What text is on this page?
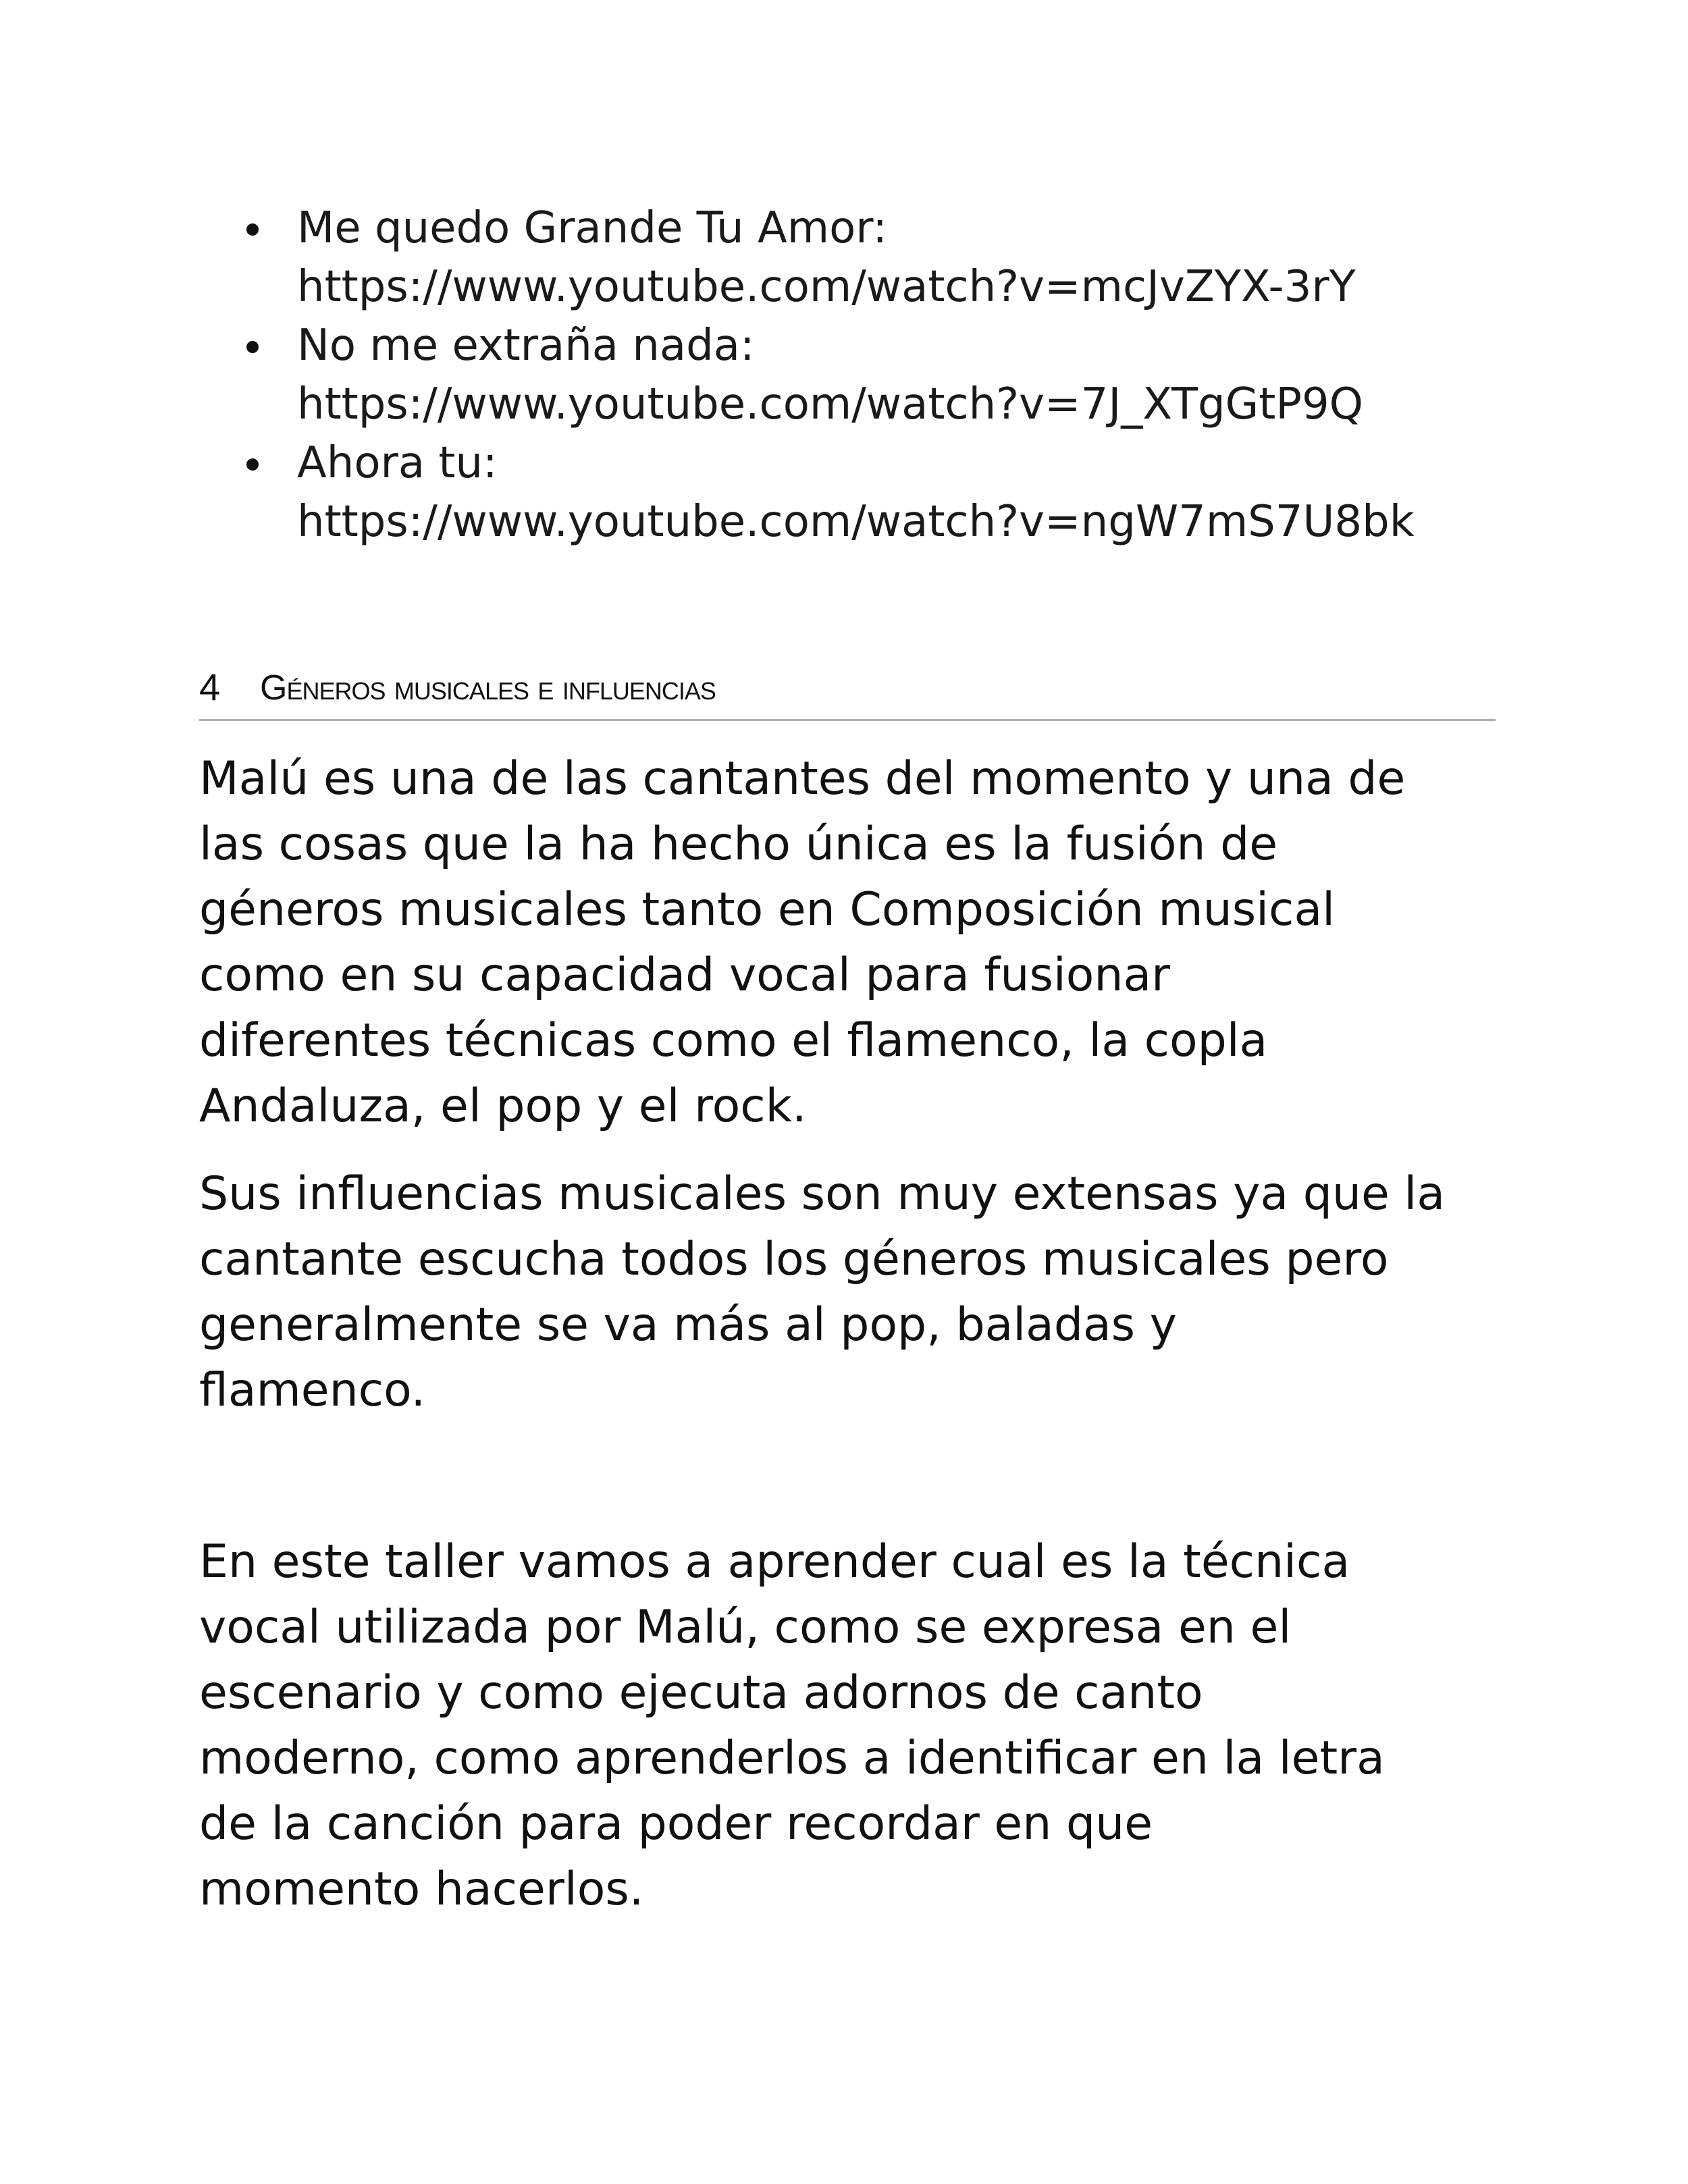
Me quedo Grande Tu Amor:
https://www.youtube.com/watch?v=mcJvZYX-3rY
No me extraña nada:
https://www.youtube.com/watch?v=7J_XTgGtP9Q
Ahora tu:
https://www.youtube.com/watch?v=ngW7mS7U8bk
4 Géneros musicales e influencias

Malú es una de las cantantes del momento y una de
las cosas que la ha hecho única es la fusión de
géneros musicales tanto en Composición musical
como en su capacidad vocal para fusionar
diferentes técnicas como el flamenco, la copla
Andaluza, el pop y el rock.

Sus influencias musicales son muy extensas ya que la
cantante escucha todos los géneros musicales pero
generalmente se va más al pop, baladas y
flamenco.

En este taller vamos a aprender cual es la técnica
vocal utilizada por Malú, como se expresa en el
escenario y como ejecuta adornos de canto
moderno, como aprenderlos a identificar en la letra
de la canción para poder recordar en que
momento hacerlos.
